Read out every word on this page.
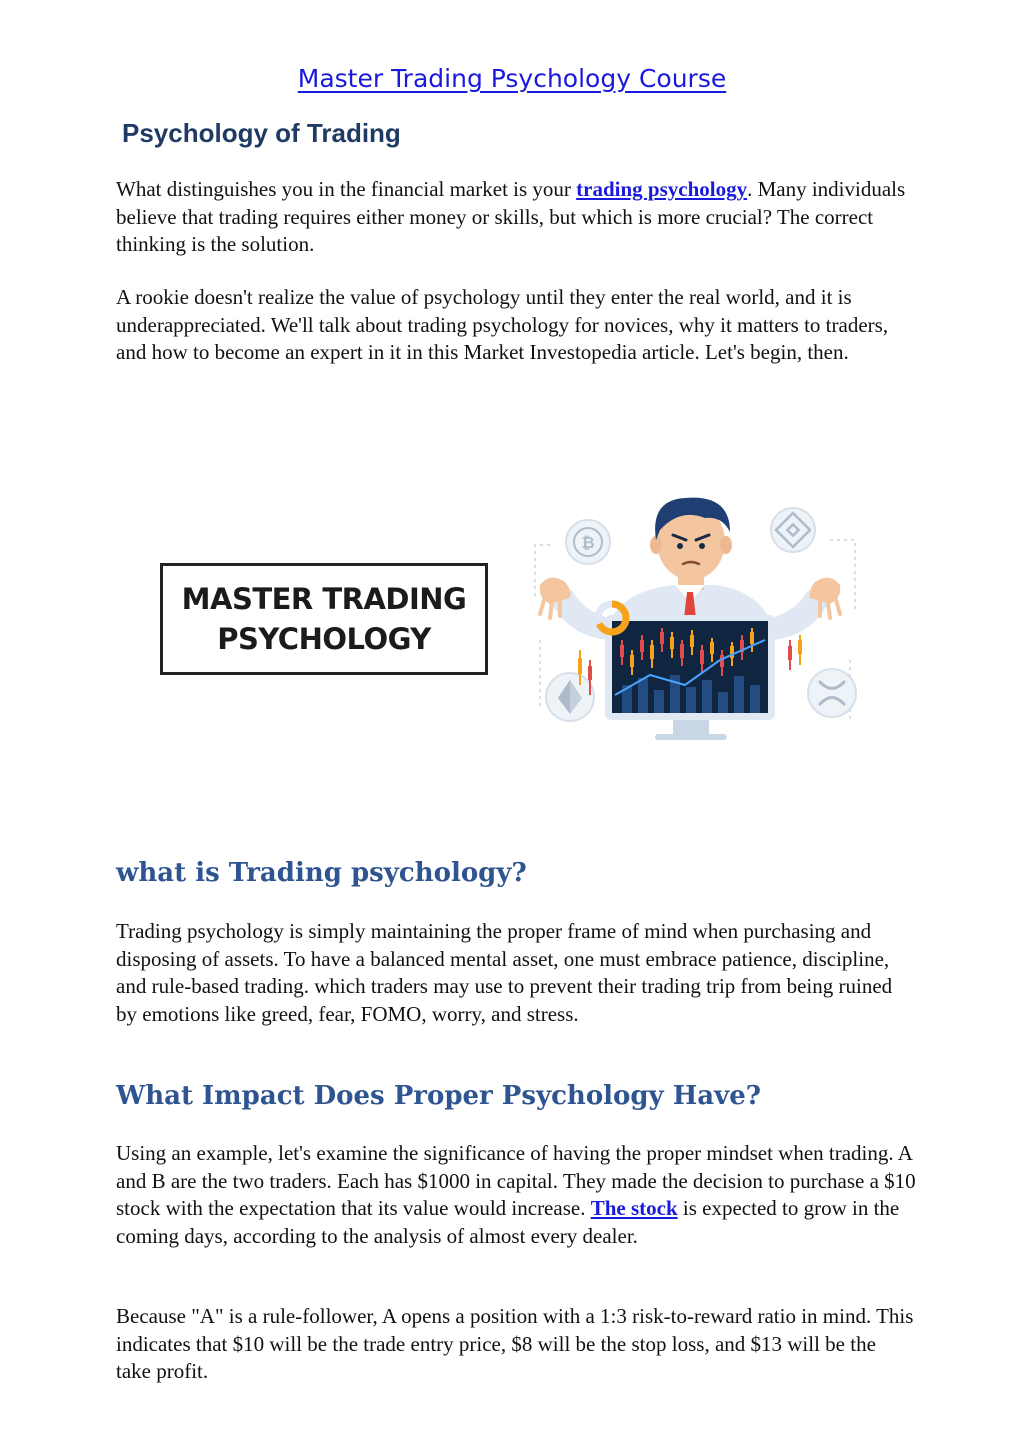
Master Trading Psychology Course
Psychology of Trading

What distinguishes you in the financial market is your trading psychology. Many individuals believe that trading requires either money or skills, but which is more crucial? The correct thinking is the solution.

A rookie doesn't realize the value of psychology until they enter the real world, and it is underappreciated. We'll talk about trading psychology for novices, why it matters to traders, and how to become an expert in it in this Market Investopedia article. Let's begin, then.

MASTER TRADING
PSYCHOLOGY
₿
what is Trading psychology?

Trading psychology is simply maintaining the proper frame of mind when purchasing and disposing of assets. To have a balanced mental asset, one must embrace patience, discipline, and rule-based trading. which traders may use to prevent their trading trip from being ruined by emotions like greed, fear, FOMO, worry, and stress.

What Impact Does Proper Psychology Have?

Using an example, let's examine the significance of having the proper mindset when trading. A and B are the two traders. Each has $1000 in capital. They made the decision to purchase a $10 stock with the expectation that its value would increase. The stock is expected to grow in the coming days, according to the analysis of almost every dealer.

Because "A" is a rule-follower, A opens a position with a 1:3 risk-to-reward ratio in mind. This indicates that $10 will be the trade entry price, $8 will be the stop loss, and $13 will be the take profit.
